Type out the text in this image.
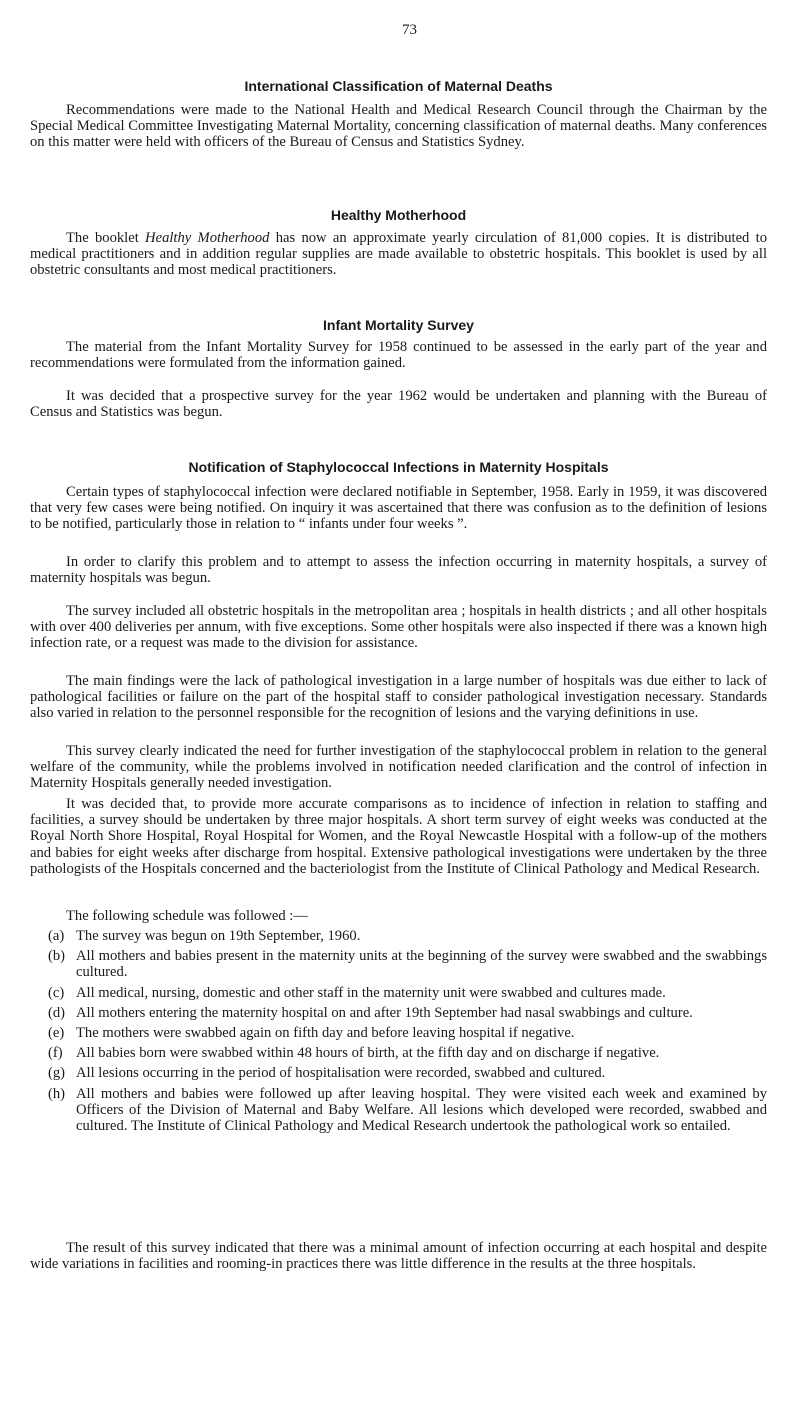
73
International Classification of Maternal Deaths

Recommendations were made to the National Health and Medical Research Council through the Chairman by the Special Medical Committee Investigating Maternal Mortality, concerning classification of maternal deaths. Many conferences on this matter were held with officers of the Bureau of Census and Statistics Sydney.

Healthy Motherhood

The booklet Healthy Motherhood has now an approximate yearly circulation of 81,000 copies. It is distributed to medical practitioners and in addition regular supplies are made available to obstetric hospitals. This booklet is used by all obstetric consultants and most medical practitioners.

Infant Mortality Survey

The material from the Infant Mortality Survey for 1958 continued to be assessed in the early part of the year and recommendations were formulated from the information gained.

It was decided that a prospective survey for the year 1962 would be undertaken and planning with the Bureau of Census and Statistics was begun.

Notification of Staphylococcal Infections in Maternity Hospitals

Certain types of staphylococcal infection were declared notifiable in September, 1958. Early in 1959, it was discovered that very few cases were being notified. On inquiry it was ascertained that there was confusion as to the definition of lesions to be notified, particularly those in relation to “ infants under four weeks ”.

In order to clarify this problem and to attempt to assess the infection occurring in maternity hospitals, a survey of maternity hospitals was begun.

The survey included all obstetric hospitals in the metropolitan area ; hospitals in health districts ; and all other hospitals with over 400 deliveries per annum, with five exceptions. Some other hospitals were also inspected if there was a known high infection rate, or a request was made to the division for assistance.

The main findings were the lack of pathological investigation in a large number of hospitals was due either to lack of pathological facilities or failure on the part of the hospital staff to consider pathological investigation necessary. Standards also varied in relation to the personnel responsible for the recognition of lesions and the varying definitions in use.

This survey clearly indicated the need for further investigation of the staphylococcal problem in relation to the general welfare of the community, while the problems involved in notification needed clarification and the control of infection in Maternity Hospitals generally needed investigation.

It was decided that, to provide more accurate comparisons as to incidence of infection in relation to staffing and facilities, a survey should be undertaken by three major hospitals. A short term survey of eight weeks was conducted at the Royal North Shore Hospital, Royal Hospital for Women, and the Royal Newcastle Hospital with a follow-up of the mothers and babies for eight weeks after discharge from hospital. Extensive pathological investigations were undertaken by the three pathologists of the Hospitals concerned and the bacteriologist from the Institute of Clinical Pathology and Medical Research.

The following schedule was followed :—

(a) The survey was begun on 19th September, 1960.
(b) All mothers and babies present in the maternity units at the beginning of the survey were swabbed and the swabbings cultured.
(c) All medical, nursing, domestic and other staff in the maternity unit were swabbed and cultures made.
(d) All mothers entering the maternity hospital on and after 19th September had nasal swabbings and culture.
(e) The mothers were swabbed again on fifth day and before leaving hospital if negative.
(f) All babies born were swabbed within 48 hours of birth, at the fifth day and on discharge if negative.
(g) All lesions occurring in the period of hospitalisation were recorded, swabbed and cultured.
(h) All mothers and babies were followed up after leaving hospital. They were visited each week and examined by Officers of the Division of Maternal and Baby Welfare. All lesions which developed were recorded, swabbed and cultured. The Institute of Clinical Pathology and Medical Research undertook the pathological work so entailed.

The result of this survey indicated that there was a minimal amount of infection occurring at each hospital and despite wide variations in facilities and rooming-in practices there was little difference in the results at the three hospitals.
